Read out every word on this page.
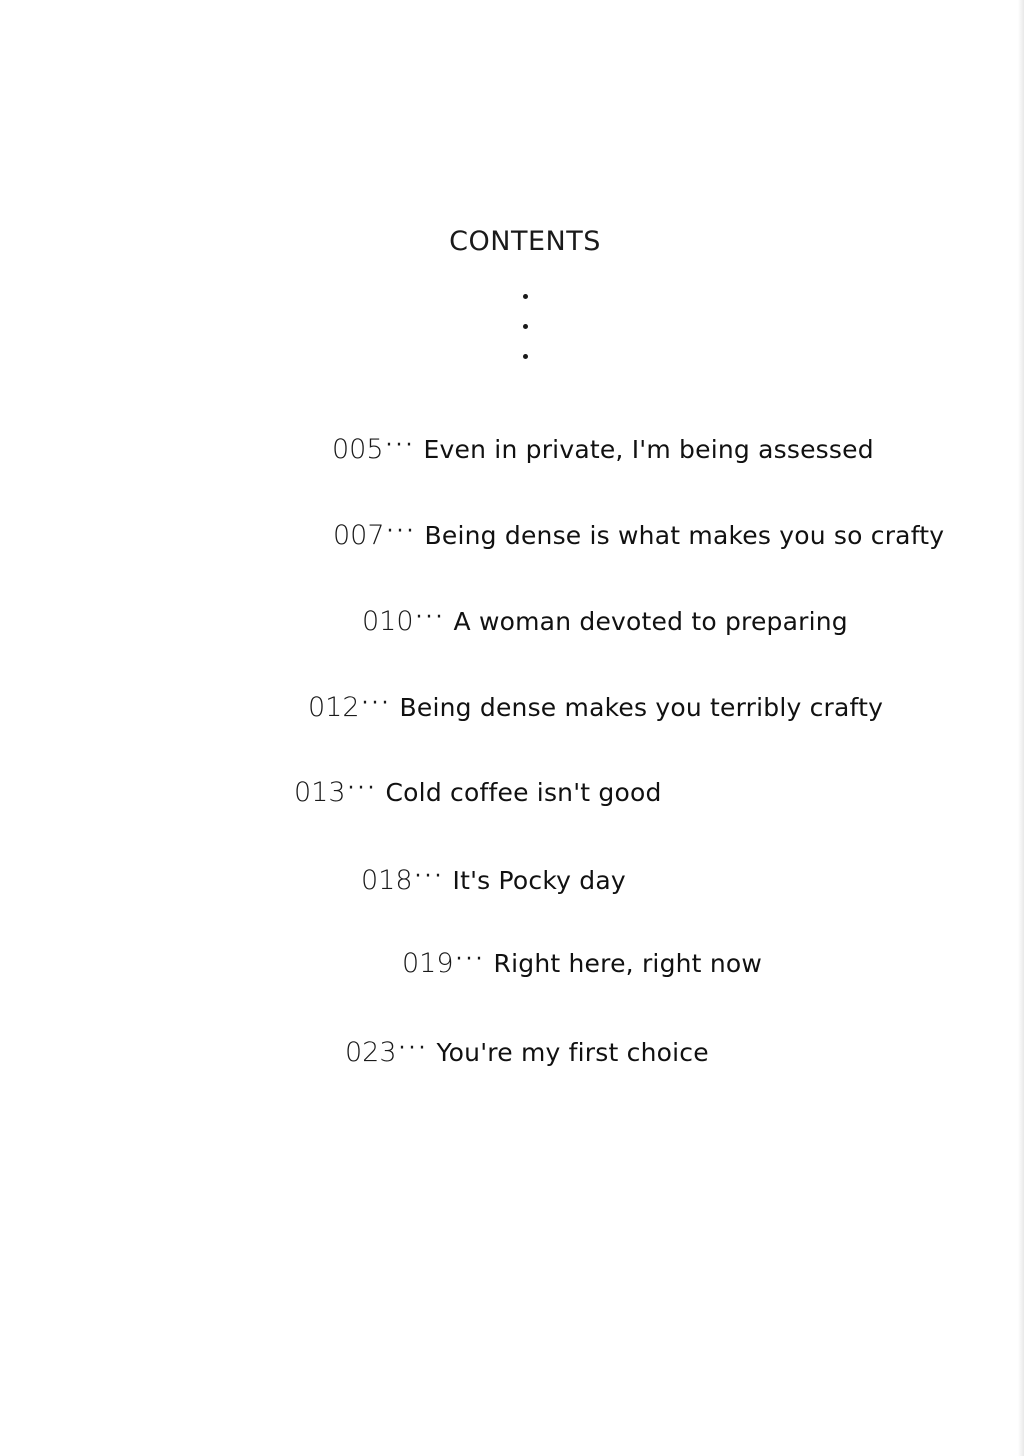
CONTENTS
005··· Even in private, I'm being assessed
007··· Being dense is what makes you so crafty
010··· A woman devoted to preparing
012··· Being dense makes you terribly crafty
013··· Cold coffee isn't good
018··· It's Pocky day
019··· Right here, right now
023··· You're my first choice
